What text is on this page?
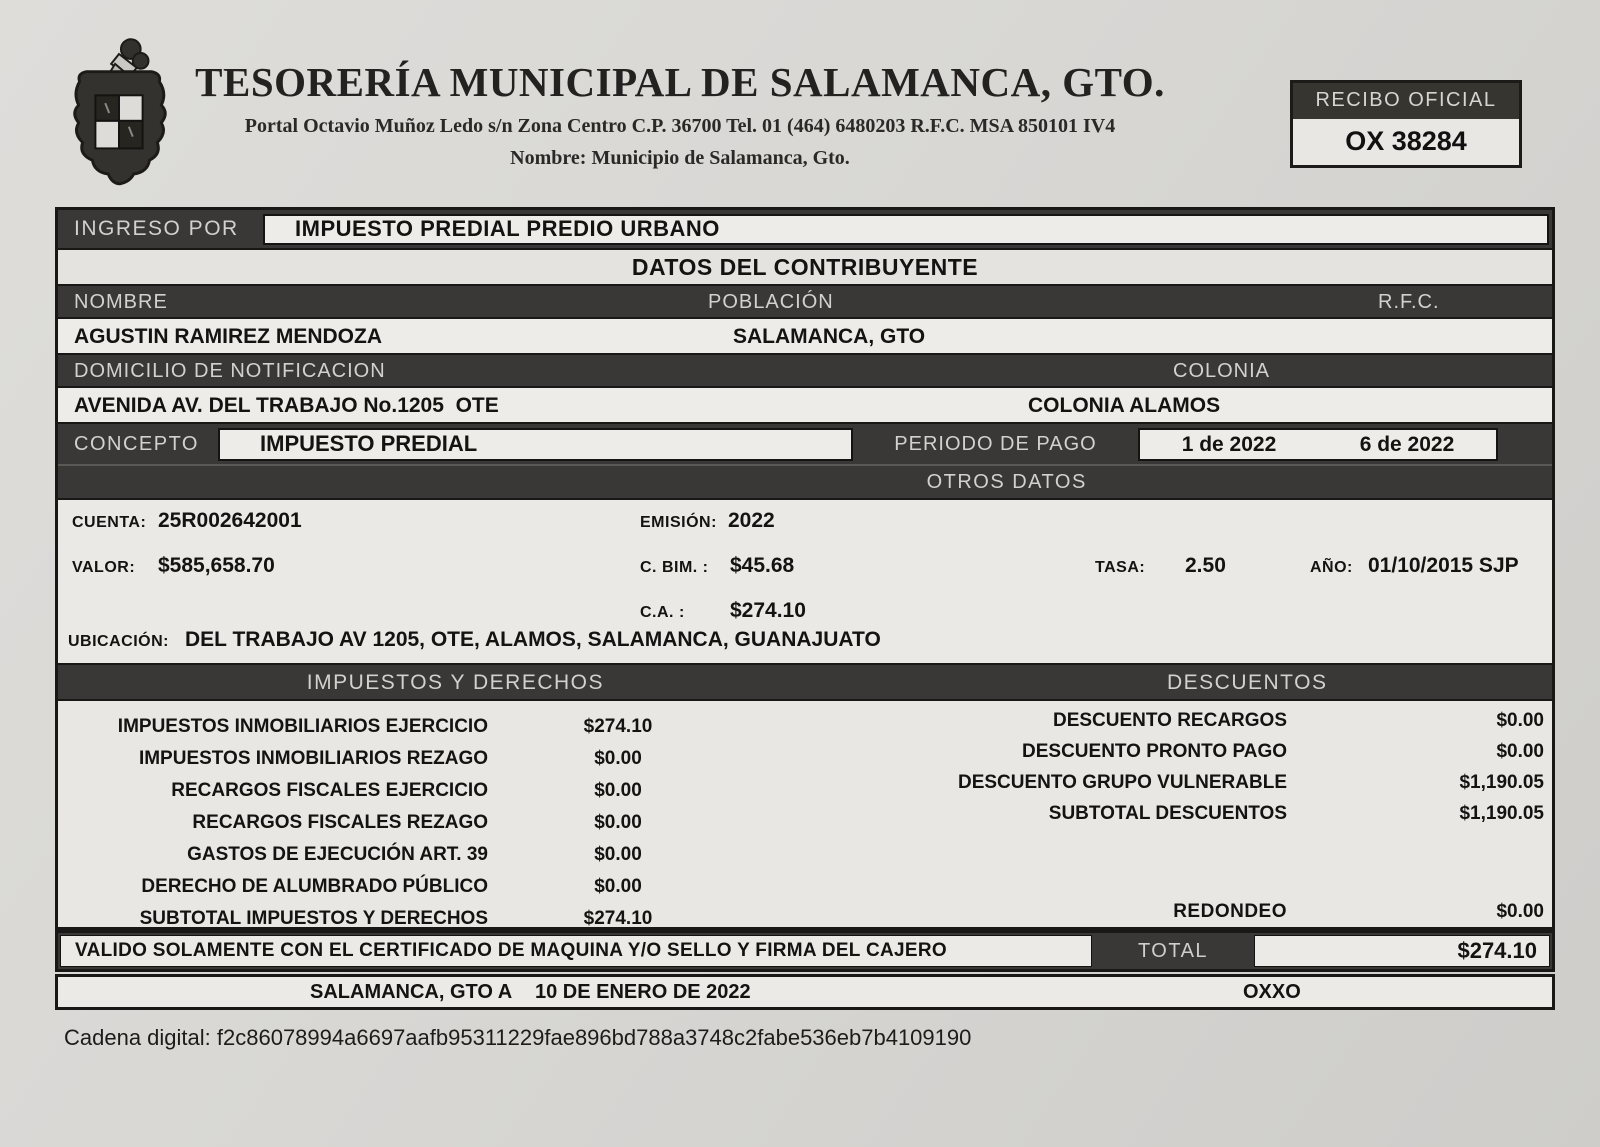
TESORERÍA MUNICIPAL DE SALAMANCA, GTO.
Portal Octavio Muñoz Ledo s/n Zona Centro C.P. 36700 Tel. 01 (464) 6480203 R.F.C. MSA 850101 IV4
Nombre: Municipio de Salamanca, Gto.
RECIBO OFICIAL
OX 38284
INGRESO POR	IMPUESTO PREDIAL PREDIO URBANO
DATOS DEL CONTRIBUYENTE
NOMBRE	POBLACIÓN	R.F.C.
AGUSTIN RAMIREZ MENDOZA	SALAMANCA, GTO
DOMICILIO DE NOTIFICACION	COLONIA
AVENIDA AV. DEL TRABAJO No.1205  OTE	COLONIA ALAMOS
CONCEPTO	IMPUESTO PREDIAL	PERIODO DE PAGO	1 de 2022	6 de 2022
OTROS DATOS
CUENTA: 25R002642001	EMISIÓN: 2022
VALOR: $585,658.70	C. BIM. : $45.68	TASA: 2.50	AÑO: 01/10/2015 SJP
C.A. : $274.10
UBICACIÓN: DEL TRABAJO AV 1205, OTE, ALAMOS, SALAMANCA, GUANAJUATO
IMPUESTOS Y DERECHOS	DESCUENTOS
IMPUESTOS INMOBILIARIOS EJERCICIO	$274.10
IMPUESTOS INMOBILIARIOS REZAGO	$0.00
RECARGOS FISCALES EJERCICIO	$0.00
RECARGOS FISCALES REZAGO	$0.00
GASTOS DE EJECUCIÓN ART. 39	$0.00
DERECHO DE ALUMBRADO PÚBLICO	$0.00
SUBTOTAL IMPUESTOS Y DERECHOS	$274.10
DESCUENTO RECARGOS	$0.00
DESCUENTO PRONTO PAGO	$0.00
DESCUENTO GRUPO VULNERABLE	$1,190.05
SUBTOTAL DESCUENTOS	$1,190.05
REDONDEO	$0.00
VALIDO SOLAMENTE CON EL CERTIFICADO DE MAQUINA Y/O SELLO Y FIRMA DEL CAJERO	TOTAL	$274.10
SALAMANCA, GTO A 10 DE ENERO DE 2022	OXXO
Cadena digital: f2c86078994a6697aafb95311229fae896bd788a3748c2fabe536eb7b4109190
